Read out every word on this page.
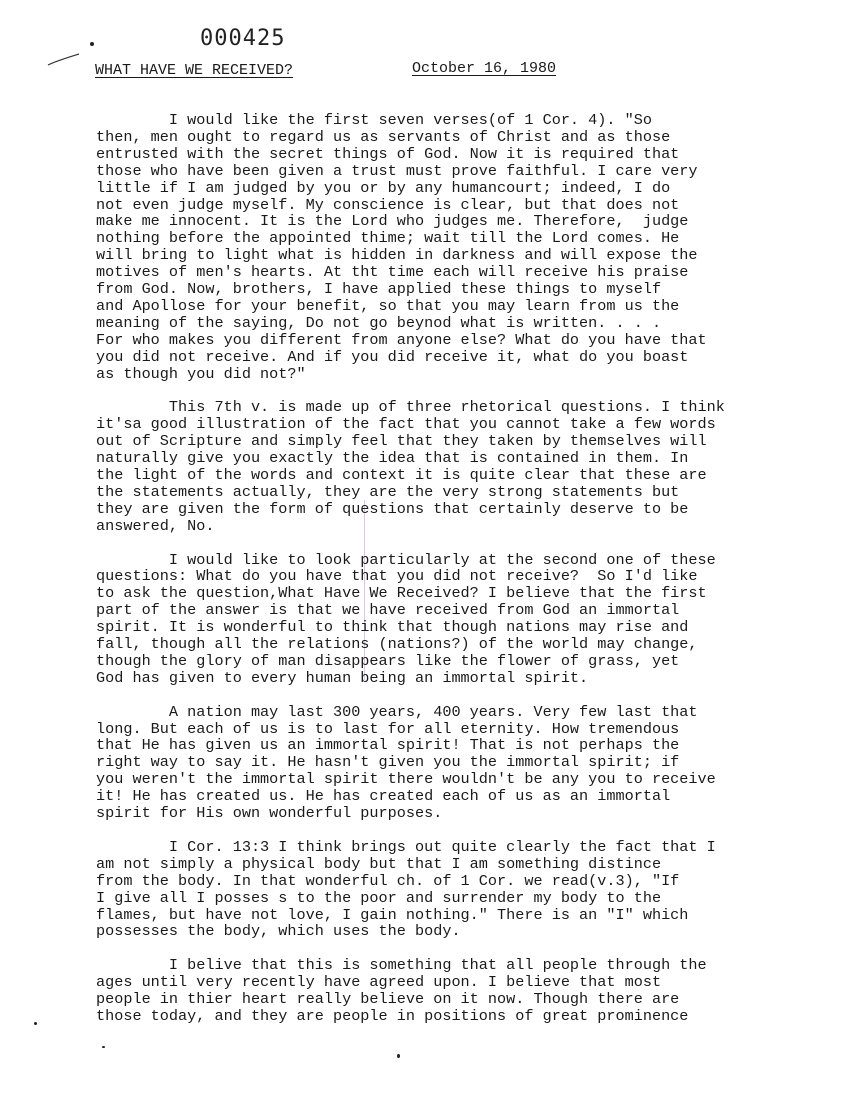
000425
WHAT HAVE WE RECEIVED?	October 16, 1980

I would like the first seven verses(of 1 Cor. 4). "So
then, men ought to regard us as servants of Christ and as those
entrusted with the secret things of God. Now it is required that
those who have been given a trust must prove faithful. I care very
little if I am judged by you or by any humancourt; indeed, I do
not even judge myself. My conscience is clear, but that does not
make me innocent. It is the Lord who judges me. Therefore,  judge
nothing before the appointed thime; wait till the Lord comes. He
will bring to light what is hidden in darkness and will expose the
motives of men's hearts. At tht time each will receive his praise
from God. Now, brothers, I have applied these things to myself
and Apollose for your benefit, so that you may learn from us the
meaning of the saying, Do not go beynod what is written. . . .
For who makes you different from anyone else? What do you have that
you did not receive. And if you did receive it, what do you boast
as though you did not?"

This 7th v. is made up of three rhetorical questions. I think
it'sa good illustration of the fact that you cannot take a few words
out of Scripture and simply feel that they taken by themselves will
naturally give you exactly the idea that is contained in them. In
the light of the words and context it is quite clear that these are
the statements actually, they are the very strong statements but
they are given the form of questions that certainly deserve to be
answered, No.

I would like to look particularly at the second one of these
questions: What do you have that you did not receive?  So I'd like
to ask the question,What Have We Received? I believe that the first
part of the answer is that we have received from God an immortal
spirit. It is wonderful to think that though nations may rise and
fall, though all the relations (nations?) of the world may change,
though the glory of man disappears like the flower of grass, yet
God has given to every human being an immortal spirit.

A nation may last 300 years, 400 years. Very few last that
long. But each of us is to last for all eternity. How tremendous
that He has given us an immortal spirit! That is not perhaps the
right way to say it. He hasn't given you the immortal spirit; if
you weren't the immortal spirit there wouldn't be any you to receive
it! He has created us. He has created each of us as an immortal
spirit for His own wonderful purposes.

I Cor. 13:3 I think brings out quite clearly the fact that I
am not simply a physical body but that I am something distince
from the body. In that wonderful ch. of 1 Cor. we read(v.3), "If
I give all I posses s to the poor and surrender my body to the
flames, but have not love, I gain nothing." There is an "I" which
possesses the body, which uses the body.

I belive that this is something that all people through the
ages until very recently have agreed upon. I believe that most
people in thier heart really believe on it now. Though there are
those today, and they are people in positions of great prominence
